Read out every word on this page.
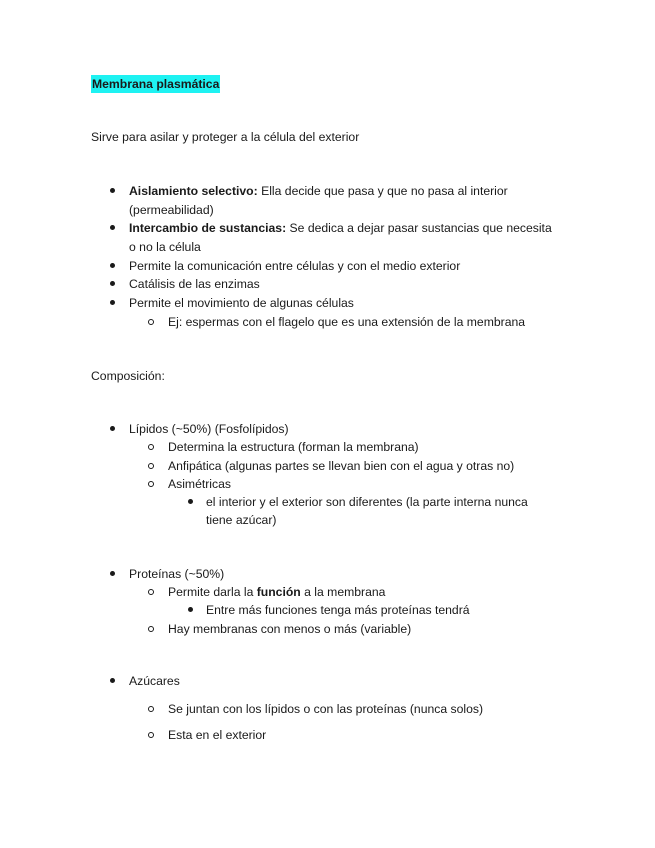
Membrana plasmática
Sirve para asilar y proteger a la célula del exterior
Aislamiento selectivo: Ella decide que pasa y que no pasa al interior
(permeabilidad)
Intercambio de sustancias: Se dedica a dejar pasar sustancias que necesita
o no la célula
Permite la comunicación entre células y con el medio exterior
Catálisis de las enzimas
Permite el movimiento de algunas células
Ej: espermas con el flagelo que es una extensión de la membrana
Composición:
Lípidos (~50%) (Fosfolípidos)
Determina la estructura (forman la membrana)
Anfipática (algunas partes se llevan bien con el agua y otras no)
Asimétricas
el interior y el exterior son diferentes (la parte interna nunca
tiene azúcar)
Proteínas (~50%)
Permite darla la función a la membrana
Entre más funciones tenga más proteínas tendrá
Hay membranas con menos o más (variable)
Azúcares
Se juntan con los lípidos o con las proteínas (nunca solos)
Esta en el exterior
